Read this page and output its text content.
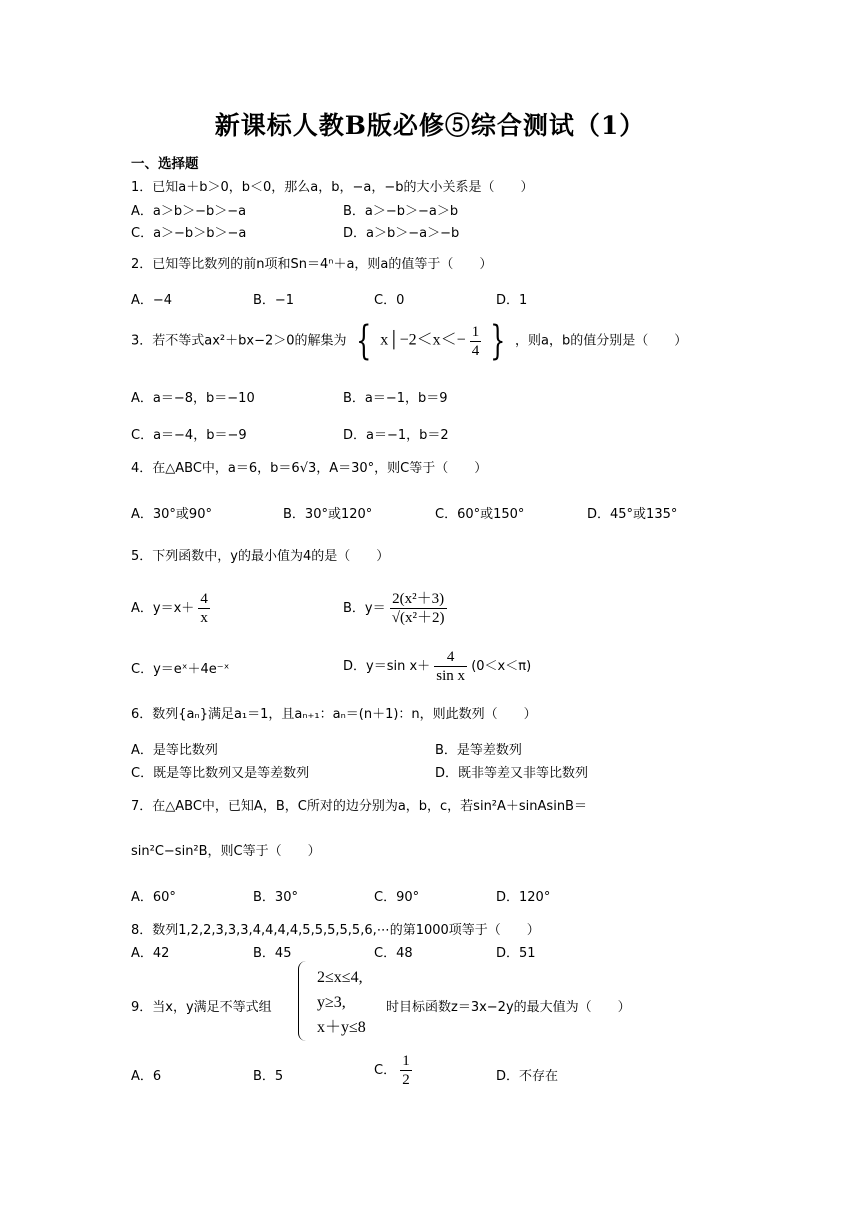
新课标人教B版必修⑤综合测试（1）
一、选择题
1．已知a＋b＞0，b＜0，那么a，b，−a，−b的大小关系是（　　）
A．a＞b＞−b＞−a	B．a＞−b＞−a＞b
C．a＞−b＞b＞−a	D．a＞b＞−a＞−b
2．已知等比数列的前n项和Sn＝4ⁿ＋a，则a的值等于（　　）
A．−4	B．−1	C．0	D．1
3．若不等式ax²＋bx−2＞0的解集为 { x│−2＜x＜− $\frac{1}{4}$ } ，则a，b的值分别是（　　）
A．a＝−8，b＝−10	B．a＝−1，b＝9
C．a＝−4，b＝−9	D．a＝−1，b＝2
4．在△ABC中，a＝6，b＝6√3，A＝30°，则C等于（　　）
A．30°或90°	B．30°或120°	C．60°或150°	D．45°或135°
5．下列函数中，y的最小值为4的是（　　）
A．$y=x+ \frac{4}{x}$	B．$y= \frac{\text{2(x²＋3)}}{\text{√(x²＋2)}}$
C．y＝eˣ＋4e⁻ˣ	D．y＝sin $x+ \frac{4}{\text{sin x}} (0<x<\pi)$
6．数列{aₙ}满足a₁＝1，且aₙ₊₁：aₙ＝(n＋1)：n，则此数列（　　）
A．是等比数列	B．是等差数列
C．既是等比数列又是等差数列	D．既非等差又非等比数列
7．在△ABC中，已知A，B，C所对的边分别为a，b，c，若sin²A＋sinAsinB＝
sin²C−sin²B，则C等于（　　）
A．60°	B．30°	C．90°	D．120°
8．数列1,2,2,3,3,3,4,4,4,4,5,5,5,5,5,6,⋯的第1000项等于（　　）
A．42	B．45	C．48	D．51
9．当x，y满足不等式组
2≤x≤4,
y≥3,
x＋y≤8
时目标函数z＝3x−2y的最大值为（　　）
A．6	B．5	C． $\frac{1}{2}$	D．不存在
